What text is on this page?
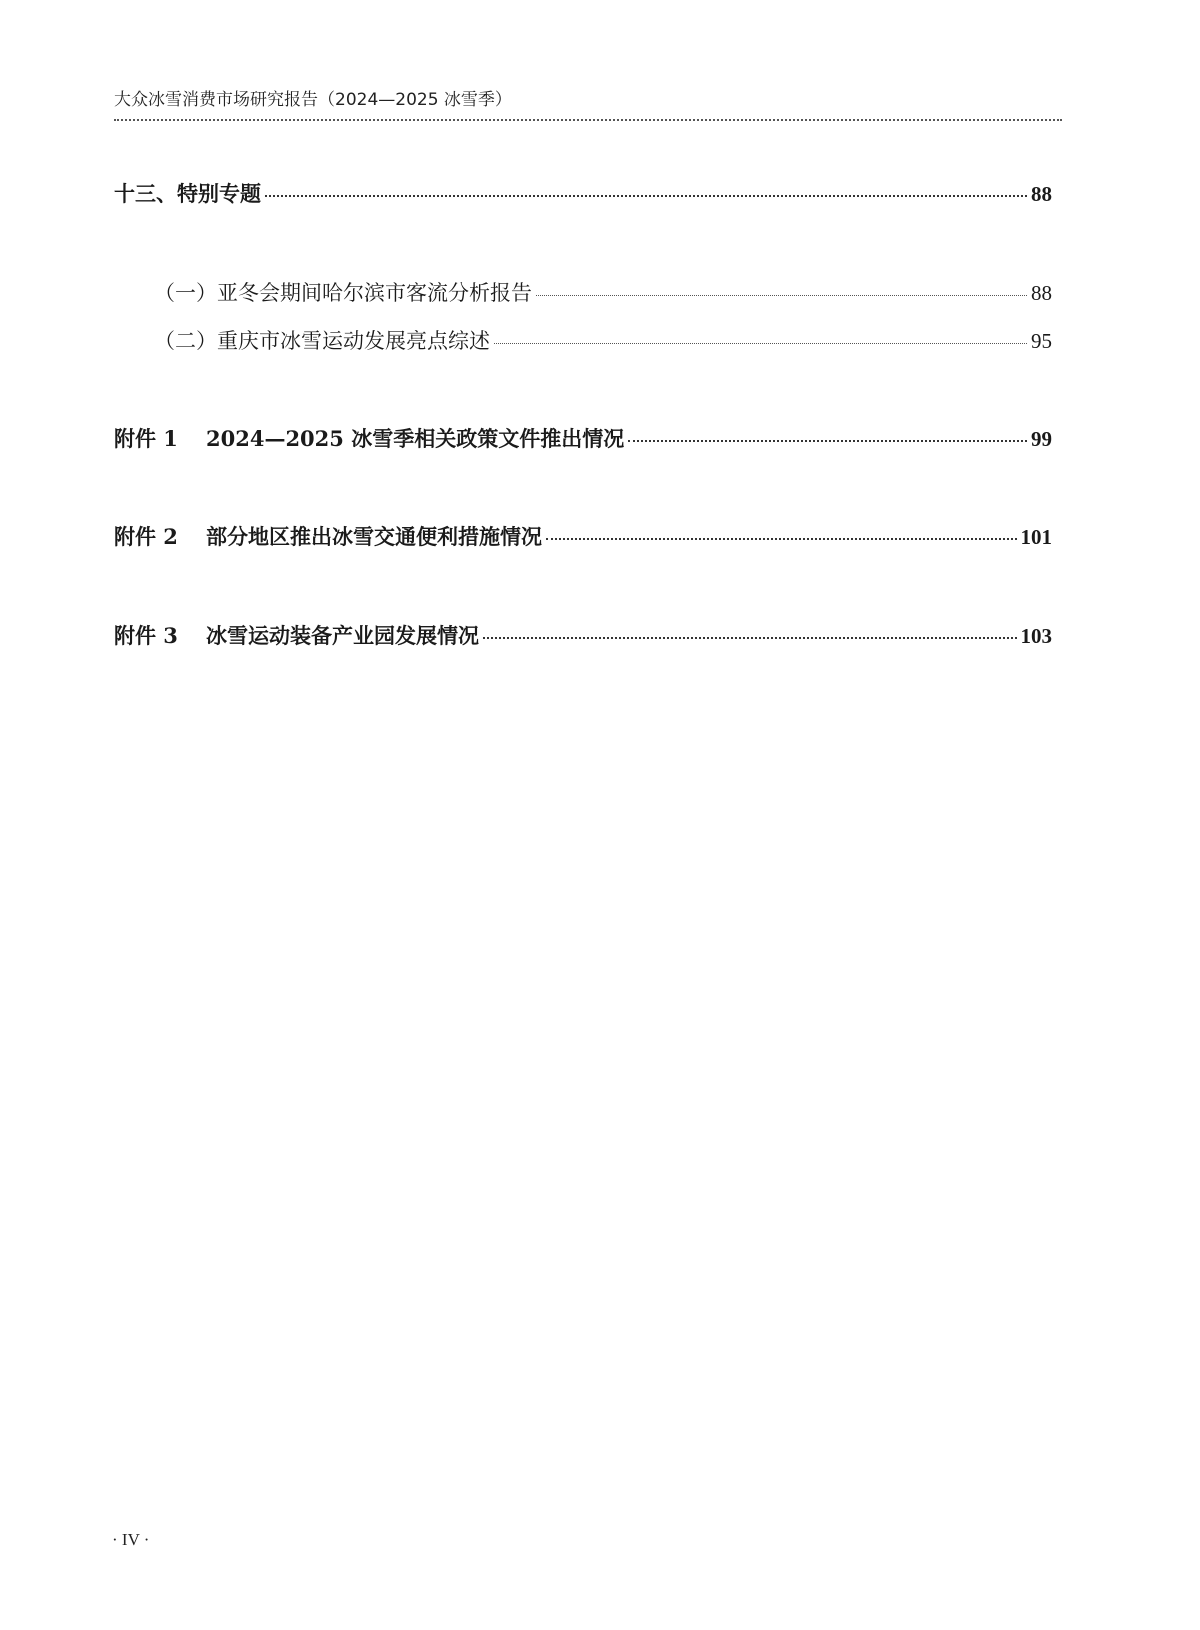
大众冰雪消费市场研究报告（2024—2025 冰雪季）
十三、特别专题	88
（一）亚冬会期间哈尔滨市客流分析报告	88
（二）重庆市冰雪运动发展亮点综述	95
附件 1	2024—2025 冰雪季相关政策文件推出情况	99
附件 2	部分地区推出冰雪交通便利措施情况	101
附件 3	冰雪运动装备产业园发展情况	103
· IV ·
